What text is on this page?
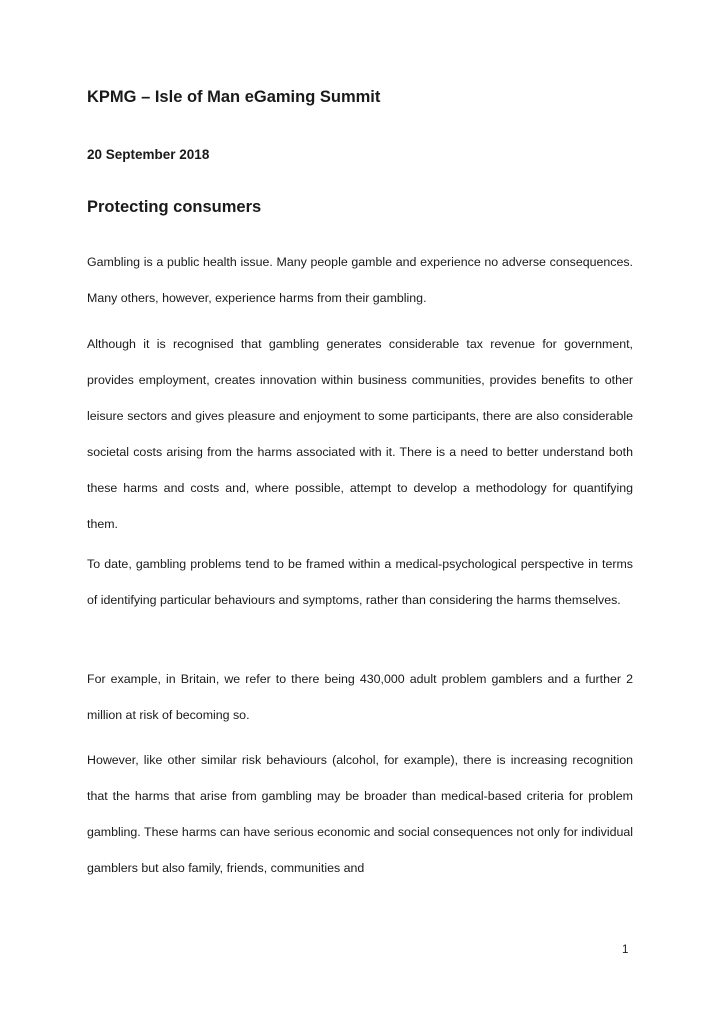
KPMG – Isle of Man eGaming Summit
20 September 2018
Protecting consumers

Gambling is a public health issue. Many people gamble and experience no adverse consequences. Many others, however, experience harms from their gambling.

Although it is recognised that gambling generates considerable tax revenue for government, provides employment, creates innovation within business communities, provides benefits to other leisure sectors and gives pleasure and enjoyment to some participants, there are also considerable societal costs arising from the harms associated with it. There is a need to better understand both these harms and costs and, where possible, attempt to develop a methodology for quantifying them.

To date, gambling problems tend to be framed within a medical-psychological perspective in terms of identifying particular behaviours and symptoms, rather than considering the harms themselves.

For example, in Britain, we refer to there being 430,000 adult problem gamblers and a further 2 million at risk of becoming so.

However, like other similar risk behaviours (alcohol, for example), there is increasing recognition that the harms that arise from gambling may be broader than medical-based criteria for problem gambling. These harms can have serious economic and social consequences not only for individual gamblers but also family, friends, communities and

1
